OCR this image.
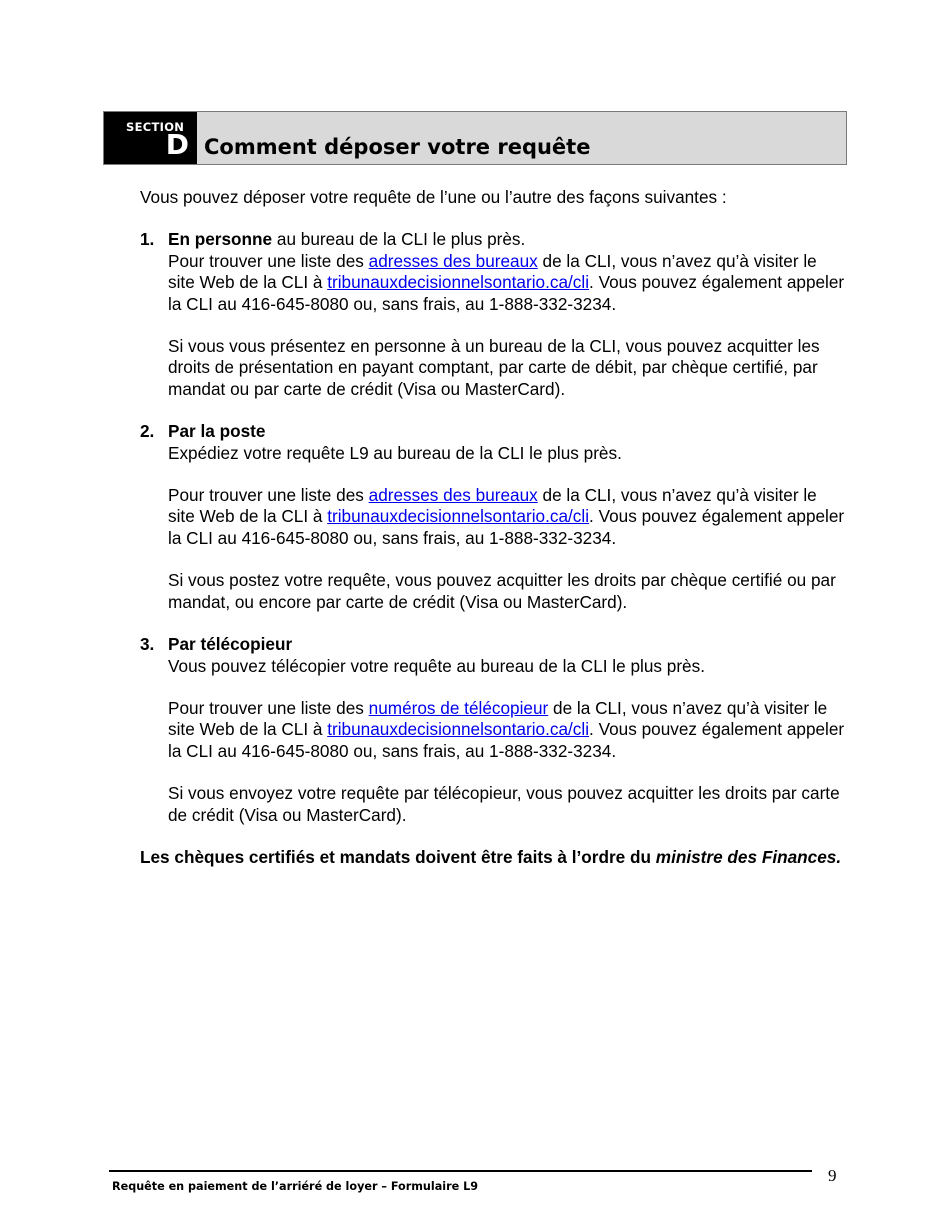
SECTION
D Comment déposer votre requête

Vous pouvez déposer votre requête de l’une ou l’autre des façons suivantes :

1. En personne au bureau de la CLI le plus près.
Pour trouver une liste des adresses des bureaux de la CLI, vous n’avez qu’à visiter le site Web de la CLI à tribunauxdecisionnelsontario.ca/cli. Vous pouvez également appeler la CLI au 416-645-8080 ou, sans frais, au 1-888-332-3234.

Si vous vous présentez en personne à un bureau de la CLI, vous pouvez acquitter les droits de présentation en payant comptant, par carte de débit, par chèque certifié, par mandat ou par carte de crédit (Visa ou MasterCard).

2. Par la poste
Expédiez votre requête L9 au bureau de la CLI le plus près.

Pour trouver une liste des adresses des bureaux de la CLI, vous n’avez qu’à visiter le site Web de la CLI à tribunauxdecisionnelsontario.ca/cli. Vous pouvez également appeler la CLI au 416-645-8080 ou, sans frais, au 1-888-332-3234.

Si vous postez votre requête, vous pouvez acquitter les droits par chèque certifié ou par mandat, ou encore par carte de crédit (Visa ou MasterCard).

3. Par télécopieur
Vous pouvez télécopier votre requête au bureau de la CLI le plus près.

Pour trouver une liste des numéros de télécopieur de la CLI, vous n’avez qu’à visiter le site Web de la CLI à tribunauxdecisionnelsontario.ca/cli. Vous pouvez également appeler la CLI au 416-645-8080 ou, sans frais, au 1-888-332-3234.

Si vous envoyez votre requête par télécopieur, vous pouvez acquitter les droits par carte de crédit (Visa ou MasterCard).

Les chèques certifiés et mandats doivent être faits à l’ordre du ministre des Finances.

Requête en paiement de l’arriéré de loyer – Formulaire L9
9
